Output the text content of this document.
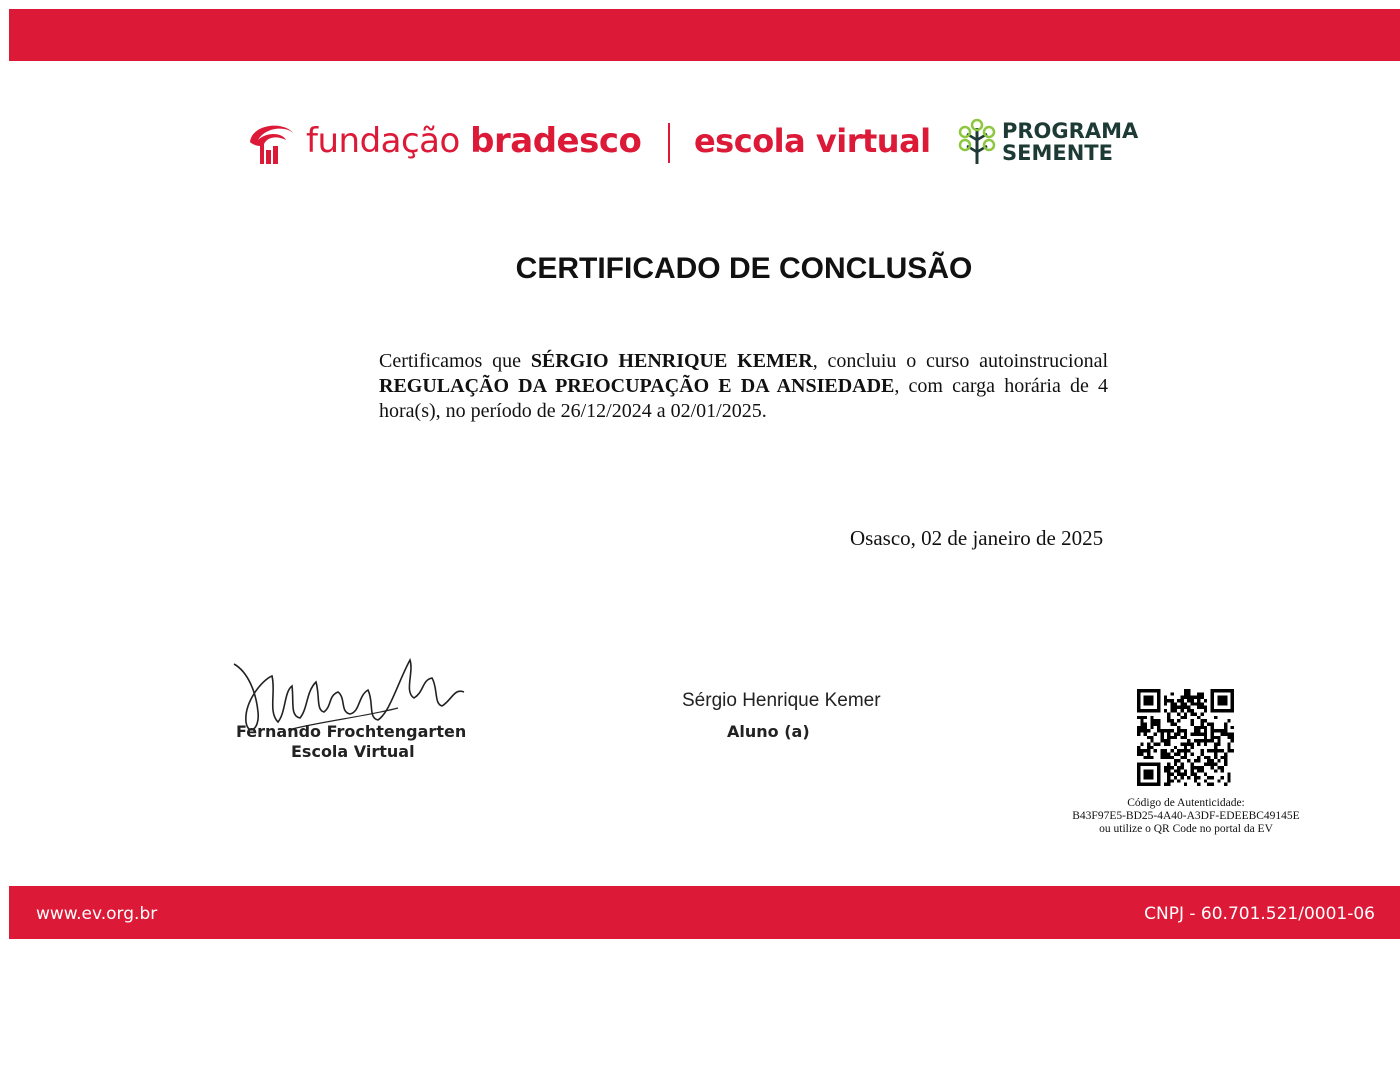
fundação bradesco escola virtual	PROGRAMA
SEMENTE
CERTIFICADO DE CONCLUSÃO
Certificamos que SÉRGIO HENRIQUE KEMER, concluiu o curso autoinstrucional REGULAÇÃO DA PREOCUPAÇÃO E DA ANSIEDADE, com carga horária de 4 hora(s), no período de 26/12/2024 a 02/01/2025.
Osasco, 02 de janeiro de 2025
Fernando Frochtengarten
Escola Virtual
Sérgio Henrique Kemer
Aluno (a)
Código de Autenticidade:
B43F97E5-BD25-4A40-A3DF-EDEEBC49145E
ou utilize o QR Code no portal da EV
www.ev.org.br	CNPJ - 60.701.521/0001-06
